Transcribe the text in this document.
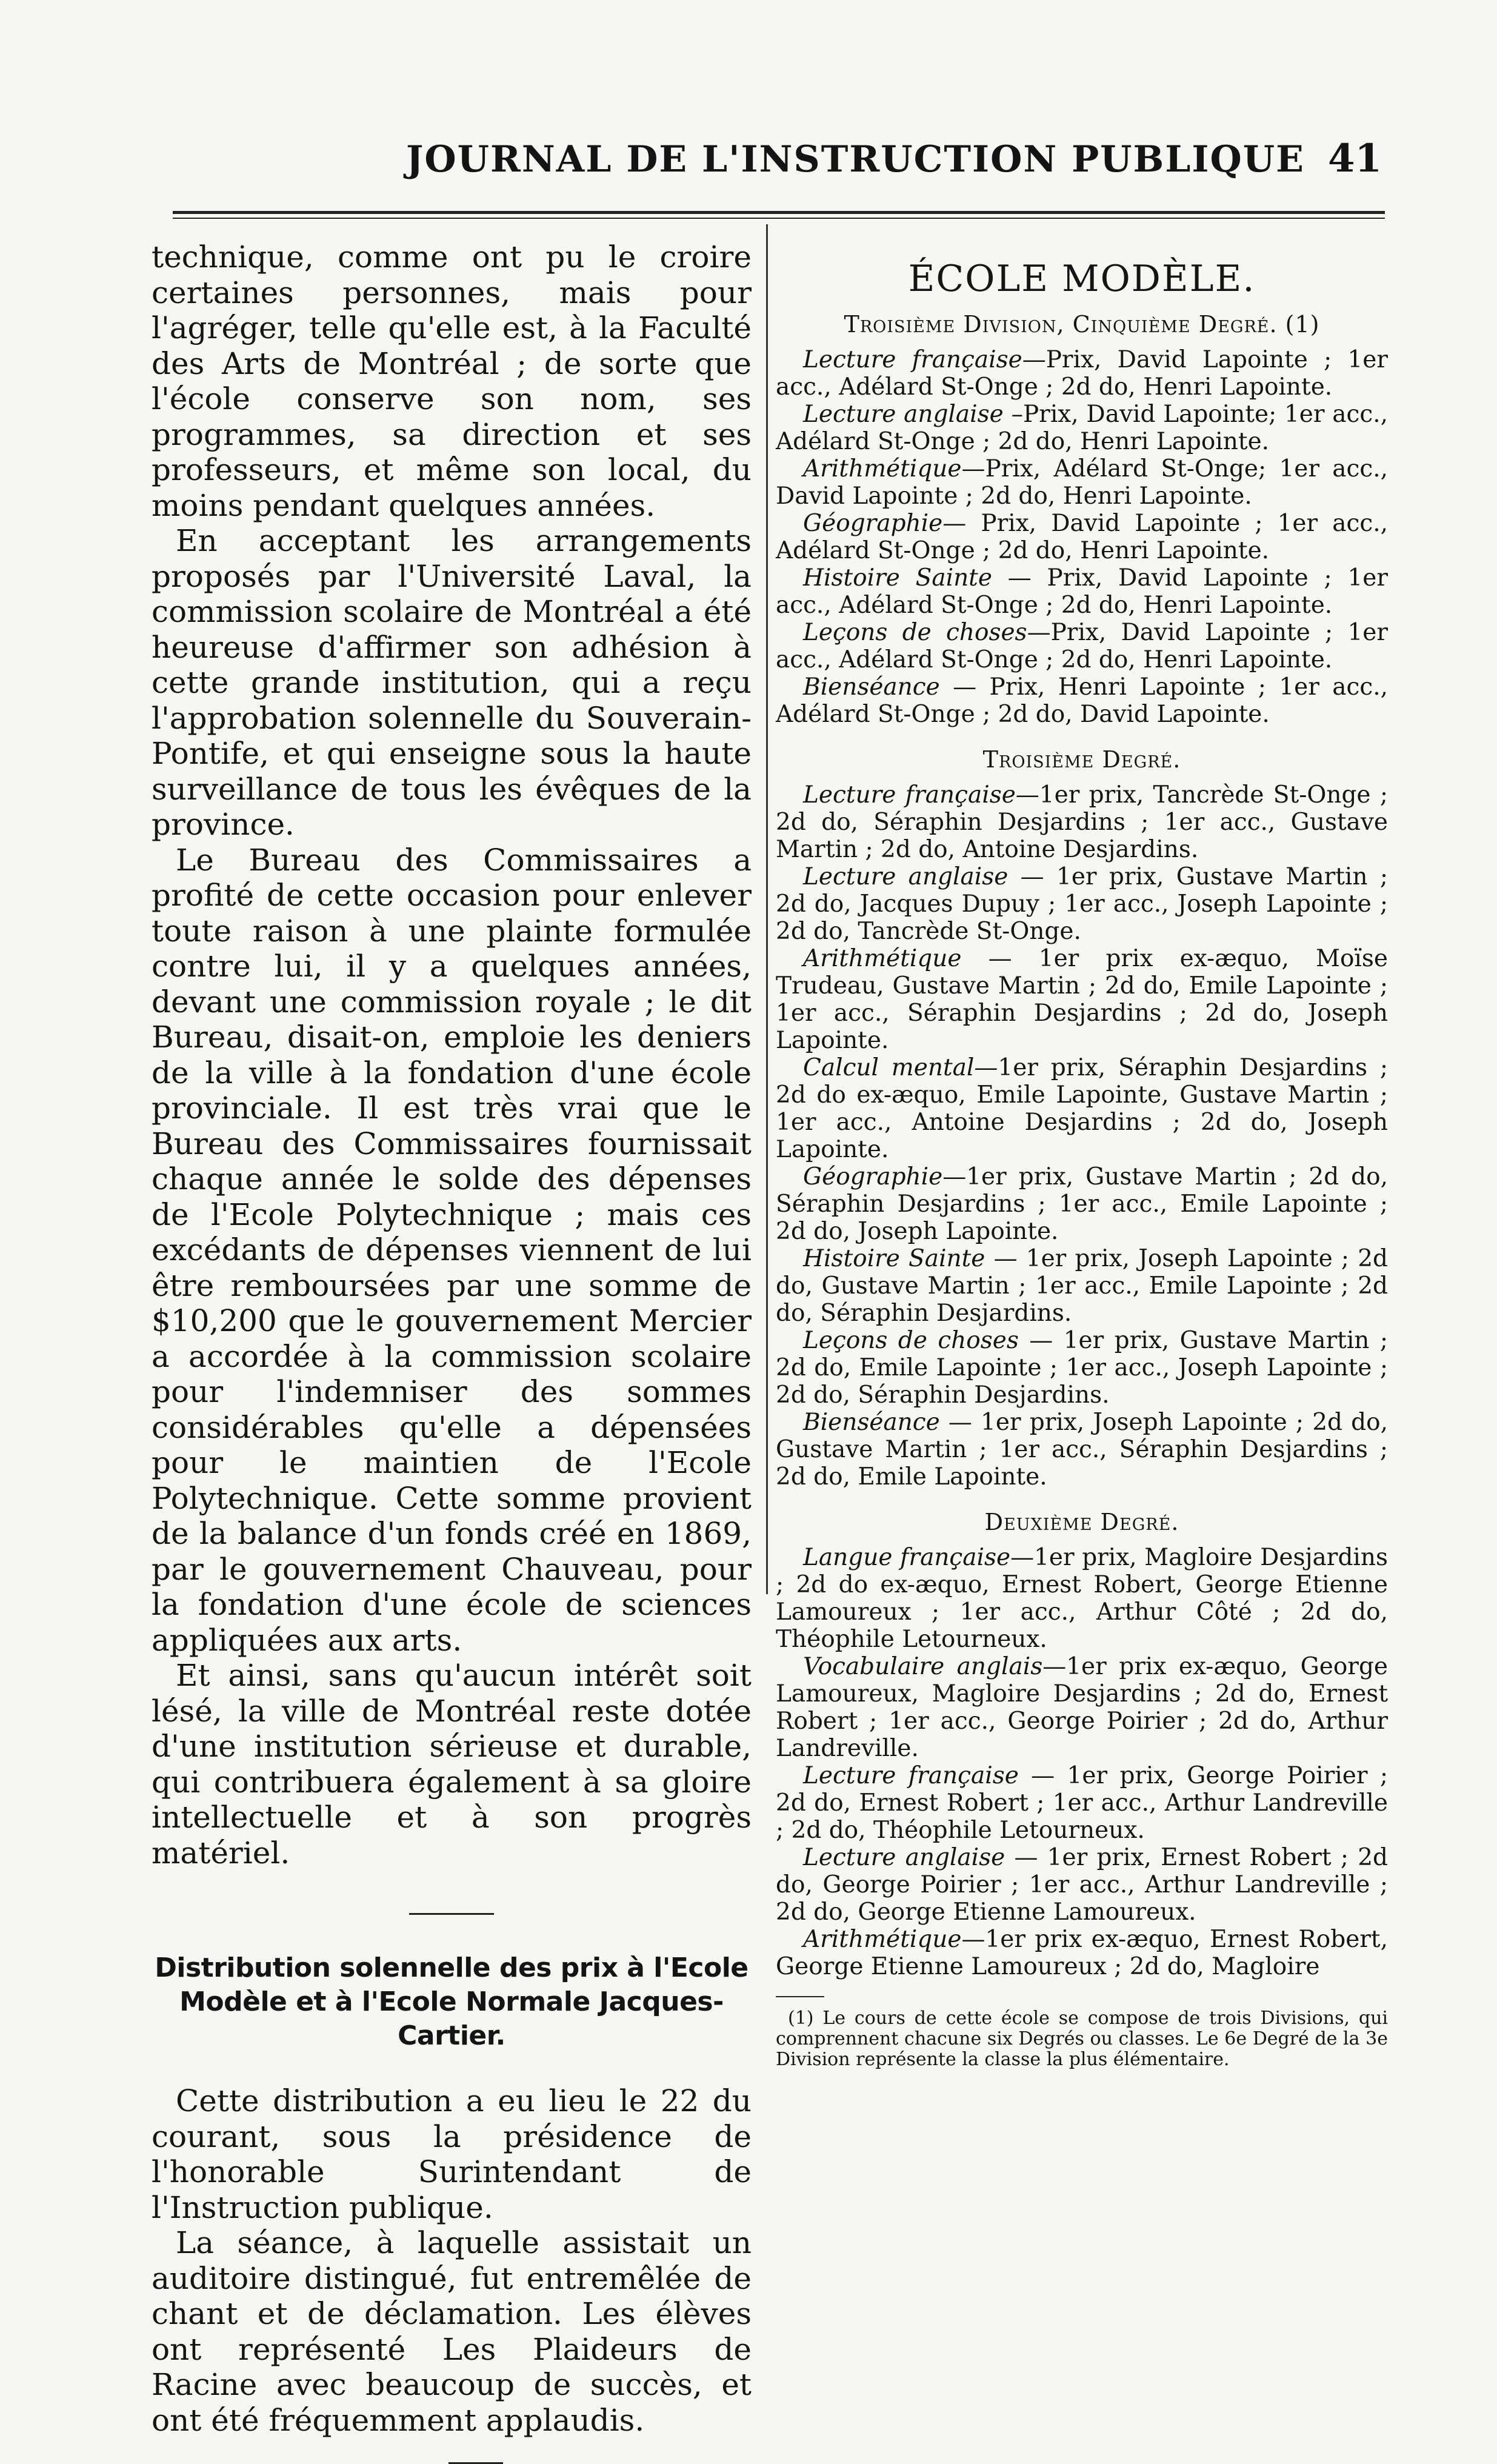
JOURNAL DE L'INSTRUCTION PUBLIQUE 41

technique, comme ont pu le croire certaines personnes, mais pour l'agréger, telle qu'elle est, à la Faculté des Arts de Montréal ; de sorte que l'école conserve son nom, ses programmes, sa direction et ses professeurs, et même son local, du moins pendant quelques années.

En acceptant les arrangements proposés par l'Université Laval, la commission scolaire de Montréal a été heureuse d'affirmer son adhésion à cette grande institution, qui a reçu l'approbation solennelle du Souverain-Pontife, et qui enseigne sous la haute surveillance de tous les évêques de la province.

Le Bureau des Commissaires a profité de cette occasion pour enlever toute raison à une plainte formulée contre lui, il y a quelques années, devant une commission royale ; le dit Bureau, disait-on, emploie les deniers de la ville à la fondation d'une école provinciale. Il est très vrai que le Bureau des Commissaires fournissait chaque année le solde des dépenses de l'Ecole Polytechnique ; mais ces excédants de dépenses viennent de lui être remboursées par une somme de $10,200 que le gouvernement Mercier a accordée à la commission scolaire pour l'indemniser des sommes considérables qu'elle a dépensées pour le maintien de l'Ecole Polytechnique. Cette somme provient de la balance d'un fonds créé en 1869, par le gouvernement Chauveau, pour la fondation d'une école de sciences appliquées aux arts.

Et ainsi, sans qu'aucun intérêt soit lésé, la ville de Montréal reste dotée d'une institution sérieuse et durable, qui contribuera également à sa gloire intellectuelle et à son progrès matériel.

Distribution solennelle des prix à l'Ecole Modèle et à l'Ecole Normale Jacques-Cartier.

Cette distribution a eu lieu le 22 du courant, sous la présidence de l'honorable Surintendant de l'Instruction publique.

La séance, à laquelle assistait un auditoire distingué, fut entremêlée de chant et de déclamation. Les élèves ont représenté Les Plaideurs de Racine avec beaucoup de succès, et ont été fréquemment applaudis.

ÉCOLE MODÈLE.
Troisième Division, Cinquième Degré. (1)

Lecture française—Prix, David Lapointe ; 1er acc., Adélard St-Onge ; 2d do, Henri Lapointe.

Lecture anglaise –Prix, David Lapointe; 1er acc., Adélard St-Onge ; 2d do, Henri Lapointe.

Arithmétique—Prix, Adélard St-Onge; 1er acc., David Lapointe ; 2d do, Henri Lapointe.

Géographie— Prix, David Lapointe ; 1er acc., Adélard St-Onge ; 2d do, Henri Lapointe.

Histoire Sainte — Prix, David Lapointe ; 1er acc., Adélard St-Onge ; 2d do, Henri Lapointe.

Leçons de choses—Prix, David Lapointe ; 1er acc., Adélard St-Onge ; 2d do, Henri Lapointe.

Bienséance — Prix, Henri Lapointe ; 1er acc., Adélard St-Onge ; 2d do, David Lapointe.

Troisième Degré.

Lecture française—1er prix, Tancrède St-Onge ; 2d do, Séraphin Desjardins ; 1er acc., Gustave Martin ; 2d do, Antoine Desjardins.

Lecture anglaise — 1er prix, Gustave Martin ; 2d do, Jacques Dupuy ; 1er acc., Joseph Lapointe ; 2d do, Tancrède St-Onge.

Arithmétique — 1er prix ex-æquo, Moïse Trudeau, Gustave Martin ; 2d do, Emile Lapointe ; 1er acc., Séraphin Desjardins ; 2d do, Joseph Lapointe.

Calcul mental—1er prix, Séraphin Desjardins ; 2d do ex-æquo, Emile Lapointe, Gustave Martin ; 1er acc., Antoine Desjardins ; 2d do, Joseph Lapointe.

Géographie—1er prix, Gustave Martin ; 2d do, Séraphin Desjardins ; 1er acc., Emile Lapointe ; 2d do, Joseph Lapointe.

Histoire Sainte — 1er prix, Joseph Lapointe ; 2d do, Gustave Martin ; 1er acc., Emile Lapointe ; 2d do, Séraphin Desjardins.

Leçons de choses — 1er prix, Gustave Martin ; 2d do, Emile Lapointe ; 1er acc., Joseph Lapointe ; 2d do, Séraphin Desjardins.

Bienséance — 1er prix, Joseph Lapointe ; 2d do, Gustave Martin ; 1er acc., Séraphin Desjardins ; 2d do, Emile Lapointe.

Deuxième Degré.

Langue française—1er prix, Magloire Desjardins ; 2d do ex-æquo, Ernest Robert, George Etienne Lamoureux ; 1er acc., Arthur Côté ; 2d do, Théophile Letourneux.

Vocabulaire anglais—1er prix ex-æquo, George Lamoureux, Magloire Desjardins ; 2d do, Ernest Robert ; 1er acc., George Poirier ; 2d do, Arthur Landreville.

Lecture française — 1er prix, George Poirier ; 2d do, Ernest Robert ; 1er acc., Arthur Landreville ; 2d do, Théophile Letourneux.

Lecture anglaise — 1er prix, Ernest Robert ; 2d do, George Poirier ; 1er acc., Arthur Landreville ; 2d do, George Etienne Lamoureux.

Arithmétique—1er prix ex-æquo, Ernest Robert, George Etienne Lamoureux ; 2d do, Magloire

(1) Le cours de cette école se compose de trois Divisions, qui comprennent chacune six Degrés ou classes. Le 6e Degré de la 3e Division représente la classe la plus élémentaire.
